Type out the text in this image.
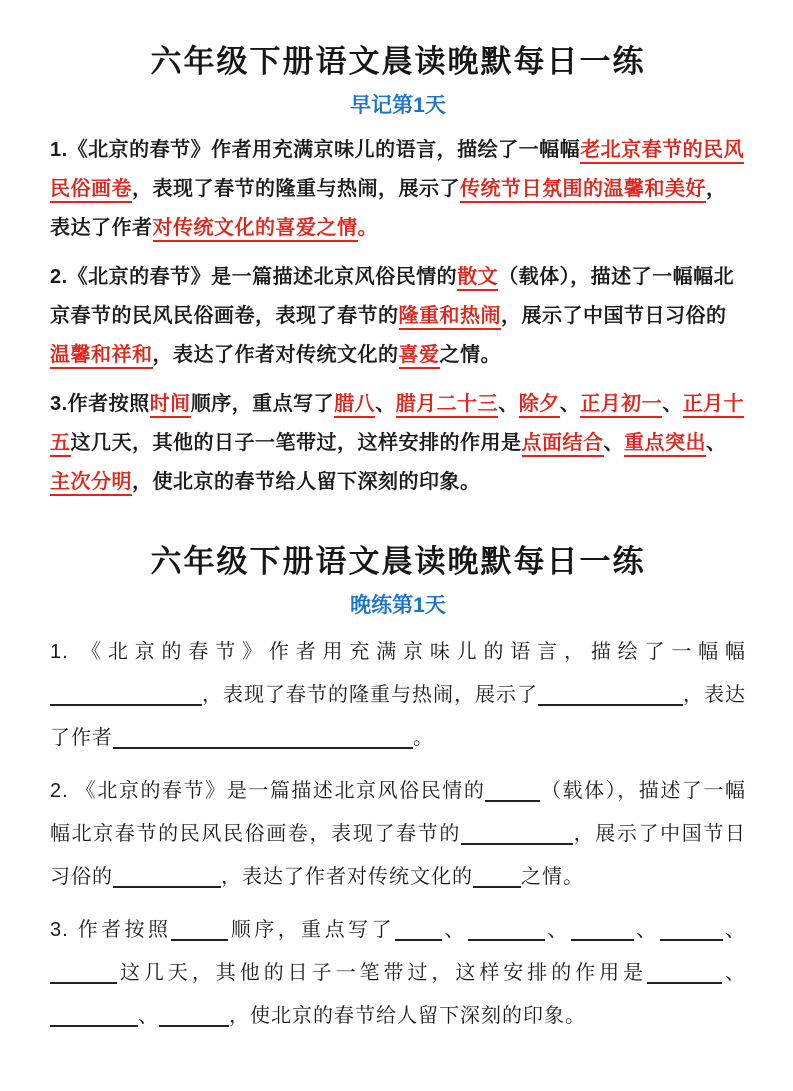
六年级下册语文晨读晚默每日一练
早记第1天

1.《北京的春节》作者用充满京味儿的语言，描绘了一幅幅老北京春节的民风民俗画卷，表现了春节的隆重与热闹，展示了传统节日氛围的温馨和美好，表达了作者对传统文化的喜爱之情。

2.《北京的春节》是一篇描述北京风俗民情的散文（载体），描述了一幅幅北京春节的民风民俗画卷，表现了春节的隆重和热闹，展示了中国节日习俗的温馨和祥和，表达了作者对传统文化的喜爱之情。

3.作者按照时间顺序，重点写了腊八、腊月二十三、除夕、正月初一、正月十五这几天，其他的日子一笔带过，这样安排的作用是点面结合、重点突出、主次分明，使北京的春节给人留下深刻的印象。

六年级下册语文晨读晚默每日一练
晚练第1天

1. 《北京的春节》作者用充满京味儿的语言，描绘了一幅幅，表现了春节的隆重与热闹，展示了	，表达了作者	。

2. 《北京的春节》是一篇描述北京风俗民情的	（载体），描述了一幅幅北京春节的民风民俗画卷，表现了春节的	，展示了中国节日习俗的	，表达了作者对传统文化的 之情。

3. 作者按照	顺序，重点写了 、	、	、	、这几天，其他的日子一笔带过，这样安排的作用是	、、	，使北京的春节给人留下深刻的印象。
